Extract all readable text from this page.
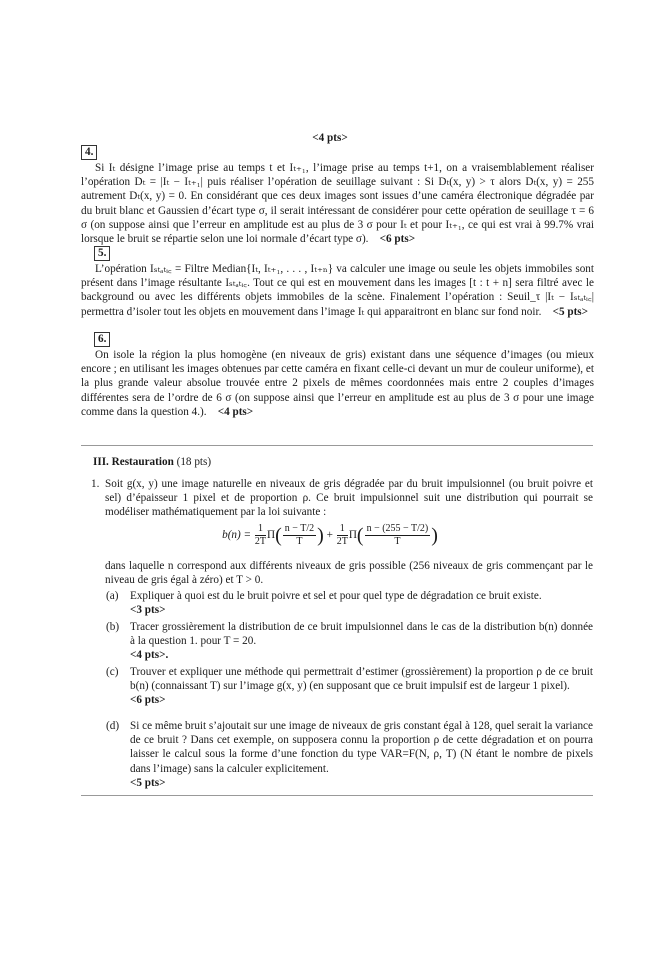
<4 pts>
4.
Si Iₜ désigne l’image prise au temps t et Iₜ₊₁, l’image prise au temps t+1, on a vraisemblablement réaliser l’opération Dₜ = |Iₜ − Iₜ₊₁| puis réaliser l’opération de seuillage suivant : Si Dₜ(x, y) > τ alors Dₜ(x, y) = 255 autrement Dₜ(x, y) = 0. En considérant que ces deux images sont issues d’une caméra électronique dégradée par du bruit blanc et Gaussien d’écart type σ, il serait intéressant de considérer pour cette opération de seuillage τ = 6 σ (on suppose ainsi que l’erreur en amplitude est au plus de 3 σ pour Iₜ et pour Iₜ₊₁, ce qui est vrai à 99.7% vrai lorsque le bruit se répartie selon une loi normale d’écart type σ). <6 pts>
5.
L’opération Iₛₜₐₜᵢ꜀ = Filtre Median{Iₜ, Iₜ₊₁, . . . , Iₜ₊ₙ} va calculer une image ou seule les objets immobiles sont présent dans l’image résultante Iₛₜₐₜᵢ꜀. Tout ce qui est en mouvement dans les images [t : t + n] sera filtré avec le background ou avec les différents objets immobiles de la scène. Finalement l’opération : Seuil_τ |Iₜ − Iₛₜₐₜᵢ꜀| permettra d’isoler tout les objets en mouvement dans l’image Iₜ qui apparaitront en blanc sur fond noir. <5 pts>
6.
On isole la région la plus homogène (en niveaux de gris) existant dans une séquence d’images (ou mieux encore ; en utilisant les images obtenues par cette caméra en fixant celle-ci devant un mur de couleur uniforme), et la plus grande valeur absolue trouvée entre 2 pixels de mêmes coordonnées mais entre 2 couples d’images différentes sera de l’ordre de 6 σ (on suppose ainsi que l’erreur en amplitude est au plus de 3 σ pour une image comme dans la question 4.). <4 pts>
III. Restauration (18 pts)
1. Soit g(x, y) une image naturelle en niveaux de gris dégradée par du bruit impulsionnel (ou bruit poivre et sel) d’épaisseur 1 pixel et de proportion ρ. Ce bruit impulsionnel suit une distribution qui pourrait se modéliser mathématiquement par la loi suivante :
$b(n) = \frac{1}{2T} \Pi( \frac{n - T/2}{T}$ ) + $\frac{1}{2T} \Pi( \frac{n - (255 - T/2)}{T}$ )
dans laquelle n correspond aux différents niveaux de gris possible (256 niveaux de gris commençant par le niveau de gris égal à zéro) et T > 0.
(a) Expliquer à quoi est du le bruit poivre et sel et pour quel type de dégradation ce bruit existe.
<3 pts>
(b) Tracer grossièrement la distribution de ce bruit impulsionnel dans le cas de la distribution b(n) donnée à la question 1. pour T = 20.
<4 pts>.
(c) Trouver et expliquer une méthode qui permettrait d’estimer (grossièrement) la proportion ρ de ce bruit b(n) (connaissant T) sur l’image g(x, y) (en supposant que ce bruit impulsif est de largeur 1 pixel).
<6 pts>
(d) Si ce même bruit s’ajoutait sur une image de niveaux de gris constant égal à 128, quel serait la variance de ce bruit ? Dans cet exemple, on supposera connu la proportion ρ de cette dégradation et on pourra laisser le calcul sous la forme d’une fonction du type VAR=F(N, ρ, T) (N étant le nombre de pixels dans l’image) sans la calculer explicitement.
<5 pts>
